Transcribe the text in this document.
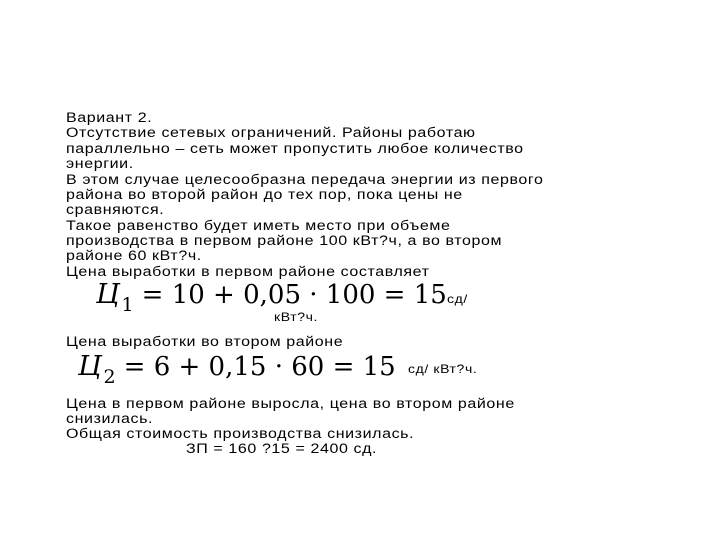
Вариант 2.
Отсутствие сетевых ограничений. Районы работаю
параллельно – сеть может пропустить любое количество
энергии.
В этом случае целесообразна передача энергии из первого
района во второй район до тех пор, пока цены не
сравняются.
Такое равенство будет иметь место при объеме
производства в первом районе 100 кВт?ч, а во втором
районе 60 кВт?ч.
Цена выработки в первом районе составляет
Ц $_1$ = 10 + 0,05 · 100 = 15 сд/
кВт?ч.
Цена выработки во втором районе
Ц $_2$ = 6 + 0,15 · 60 = 15 сд/ кВт?ч.
Цена в первом районе выросла, цена во втором районе
снизилась.
Общая стоимость производства снизилась.
ЗП = 160 ?15 = 2400 сд.
